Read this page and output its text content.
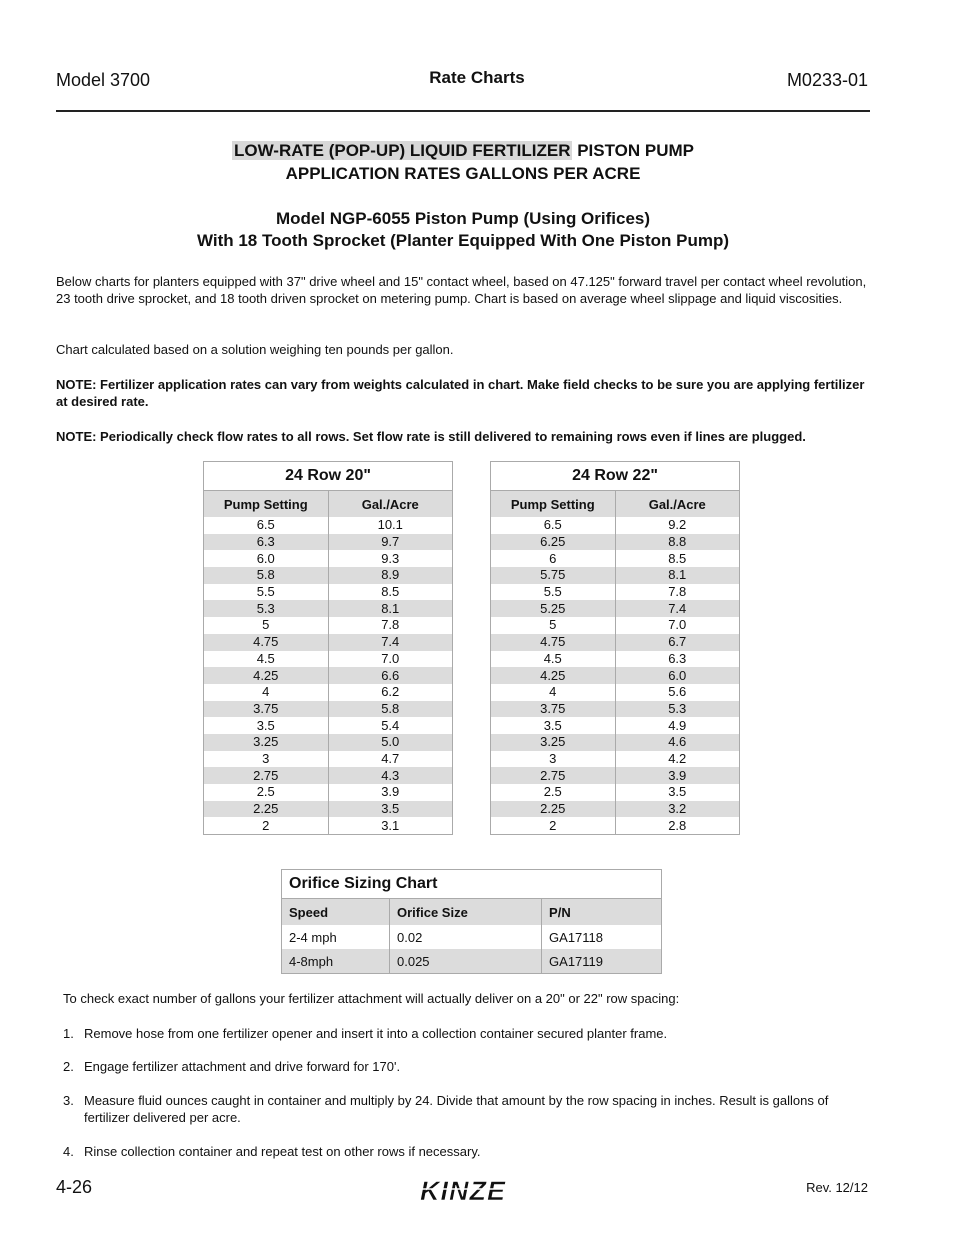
Model 3700	Rate Charts	M0233-01
LOW-RATE (POP-UP) LIQUID FERTILIZER PISTON PUMP
APPLICATION RATES GALLONS PER ACRE
Model NGP-6055 Piston Pump (Using Orifices)
With 18 Tooth Sprocket (Planter Equipped With One Piston Pump)
Below charts for planters equipped with 37" drive wheel and 15" contact wheel, based on 47.125" forward travel per contact wheel revolution, 23 tooth drive sprocket, and 18 tooth driven sprocket on metering pump. Chart is based on average wheel slippage and liquid viscosities.
Chart calculated based on a solution weighing ten pounds per gallon.
NOTE: Fertilizer application rates can vary from weights calculated in chart. Make field checks to be sure you are applying fertilizer at desired rate.
NOTE: Periodically check flow rates to all rows. Set flow rate is still delivered to remaining rows even if lines are plugged.
24 Row 20"	
Pump Setting	Gal./Acre
6.5	10.1
6.3	9.7
6.0	9.3
5.8	8.9
5.5	8.5
5.3	8.1
5	7.8
4.75	7.4
4.5	7.0
4.25	6.6
4	6.2
3.75	5.8
3.5	5.4
3.25	5.0
3	4.7
2.75	4.3
2.5	3.9
2.25	3.5
2	3.1
24 Row 22"	
Pump Setting	Gal./Acre
6.5	9.2
6.25	8.8
6	8.5
5.75	8.1
5.5	7.8
5.25	7.4
5	7.0
4.75	6.7
4.5	6.3
4.25	6.0
4	5.6
3.75	5.3
3.5	4.9
3.25	4.6
3	4.2
2.75	3.9
2.5	3.5
2.25	3.2
2	2.8
Orifice Sizing Chart		
Speed	Orifice Size	P/N
2-4 mph	0.02	GA17118
4-8mph	0.025	GA17119
To check exact number of gallons your fertilizer attachment will actually deliver on a 20" or 22" row spacing:
1. Remove hose from one fertilizer opener and insert it into a collection container secured planter frame.
2. Engage fertilizer attachment and drive forward for 170'.
3. Measure fluid ounces caught in container and multiply by 24. Divide that amount by the row spacing in inches. Result is gallons of fertilizer delivered per acre.
4. Rinse collection container and repeat test on other rows if necessary.
4-26	KINZE	Rev. 12/12
